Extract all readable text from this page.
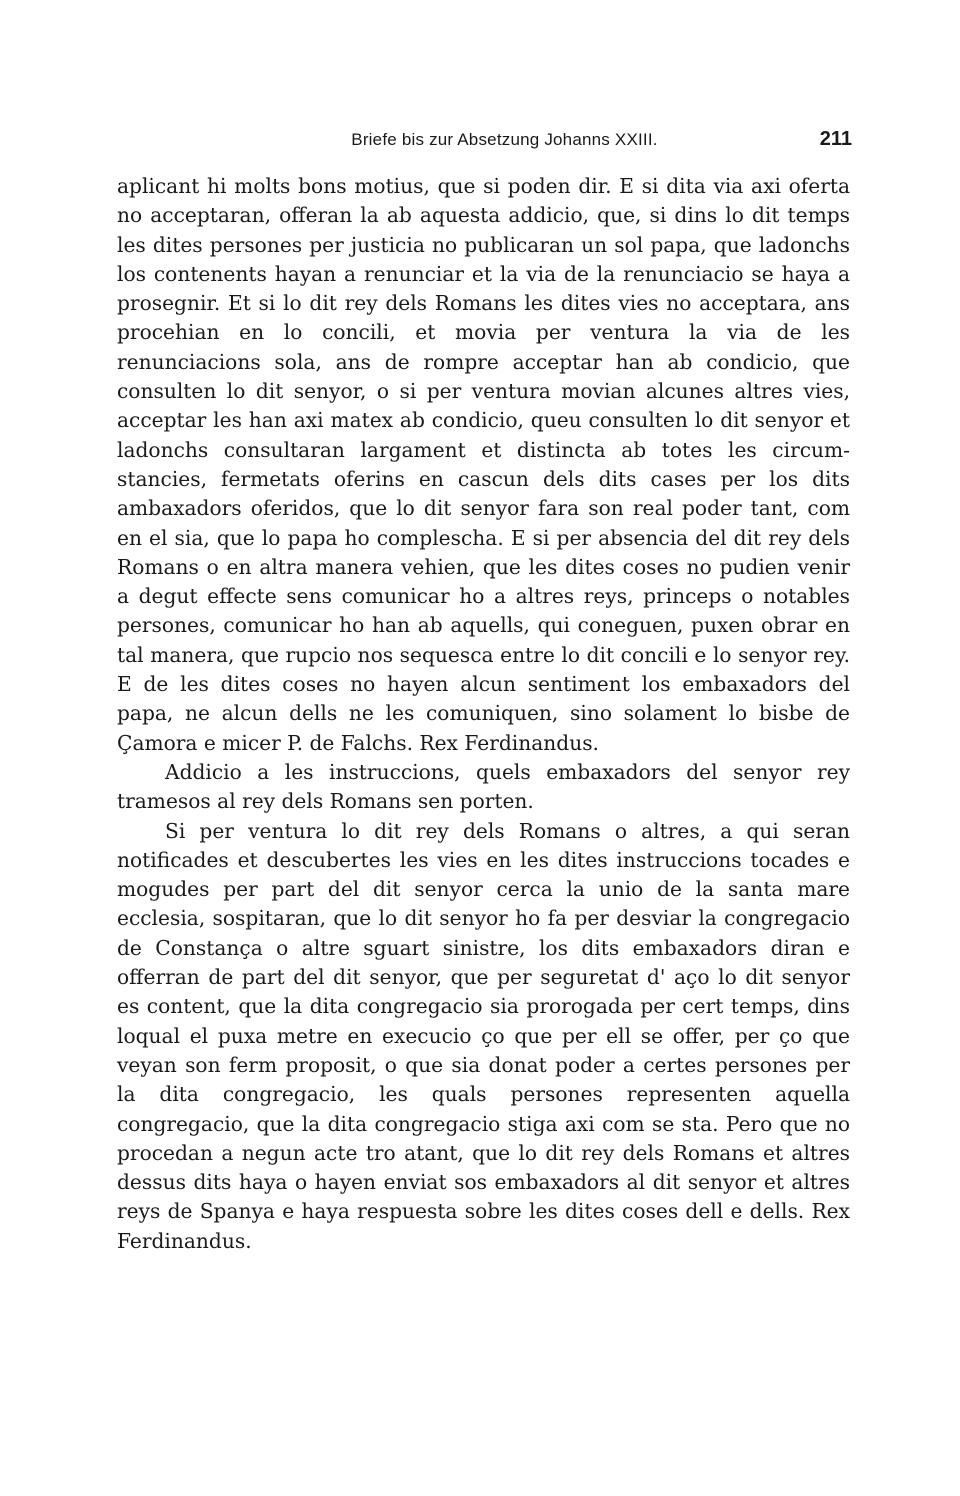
Briefe bis zur Absetzung Johanns XXIII.	211

aplicant hi molts bons motius, que si poden dir. E si dita via axi oferta no acceptaran, offeran la ab aquesta addicio, que, si dins lo dit temps les dites persones per justicia no publicaran un sol papa, que ladonchs los contenents hayan a renunciar et la via de la renunciacio se haya a prosegnir. Et si lo dit rey dels Romans les dites vies no acceptara, ans procehian en lo concili, et movia per ventura la via de les renunciacions sola, ans de rompre acceptar han ab condicio, que consulten lo dit senyor, o si per ventura movian alcunes altres vies, acceptar les han axi matex ab condicio, queu consulten lo dit senyor et ladonchs consultaran largament et distincta ab totes les circumstancies, fermetats oferins en cascun dels dits cases per los dits ambaxadors oferidos, que lo dit senyor fara son real poder tant, com en el sia, que lo papa ho complescha. E si per absencia del dit rey dels Romans o en altra manera vehien, que les dites coses no pudien venir a degut effecte sens comunicar ho a altres reys, princeps o notables persones, comunicar ho han ab aquells, qui coneguen, puxen obrar en tal manera, que rupcio nos sequesca entre lo dit concili e lo senyor rey. E de les dites coses no hayen alcun sentiment los embaxadors del papa, ne alcun dells ne les comuniquen, sino solament lo bisbe de Çamora e micer P. de Falchs. Rex Ferdinandus.

Addicio a les instruccions, quels embaxadors del senyor rey tramesos al rey dels Romans sen porten.

Si per ventura lo dit rey dels Romans o altres, a qui seran notificades et descubertes les vies en les dites instruccions tocades e mogudes per part del dit senyor cerca la unio de la santa mare ecclesia, sospitaran, que lo dit senyor ho fa per desviar la congregacio de Constança o altre sguart sinistre, los dits embaxadors diran e offerran de part del dit senyor, que per seguretat d' aço lo dit senyor es content, que la dita congregacio sia prorogada per cert temps, dins loqual el puxa metre en execucio ço que per ell se offer, per ço que veyan son ferm proposit, o que sia donat poder a certes persones per la dita congregacio, les quals persones representen aquella congregacio, que la dita congregacio stiga axi com se sta. Pero que no procedan a negun acte tro atant, que lo dit rey dels Romans et altres dessus dits haya o hayen enviat sos embaxadors al dit senyor et altres reys de Spanya e haya respuesta sobre les dites coses dell e dells. Rex Ferdinandus.
